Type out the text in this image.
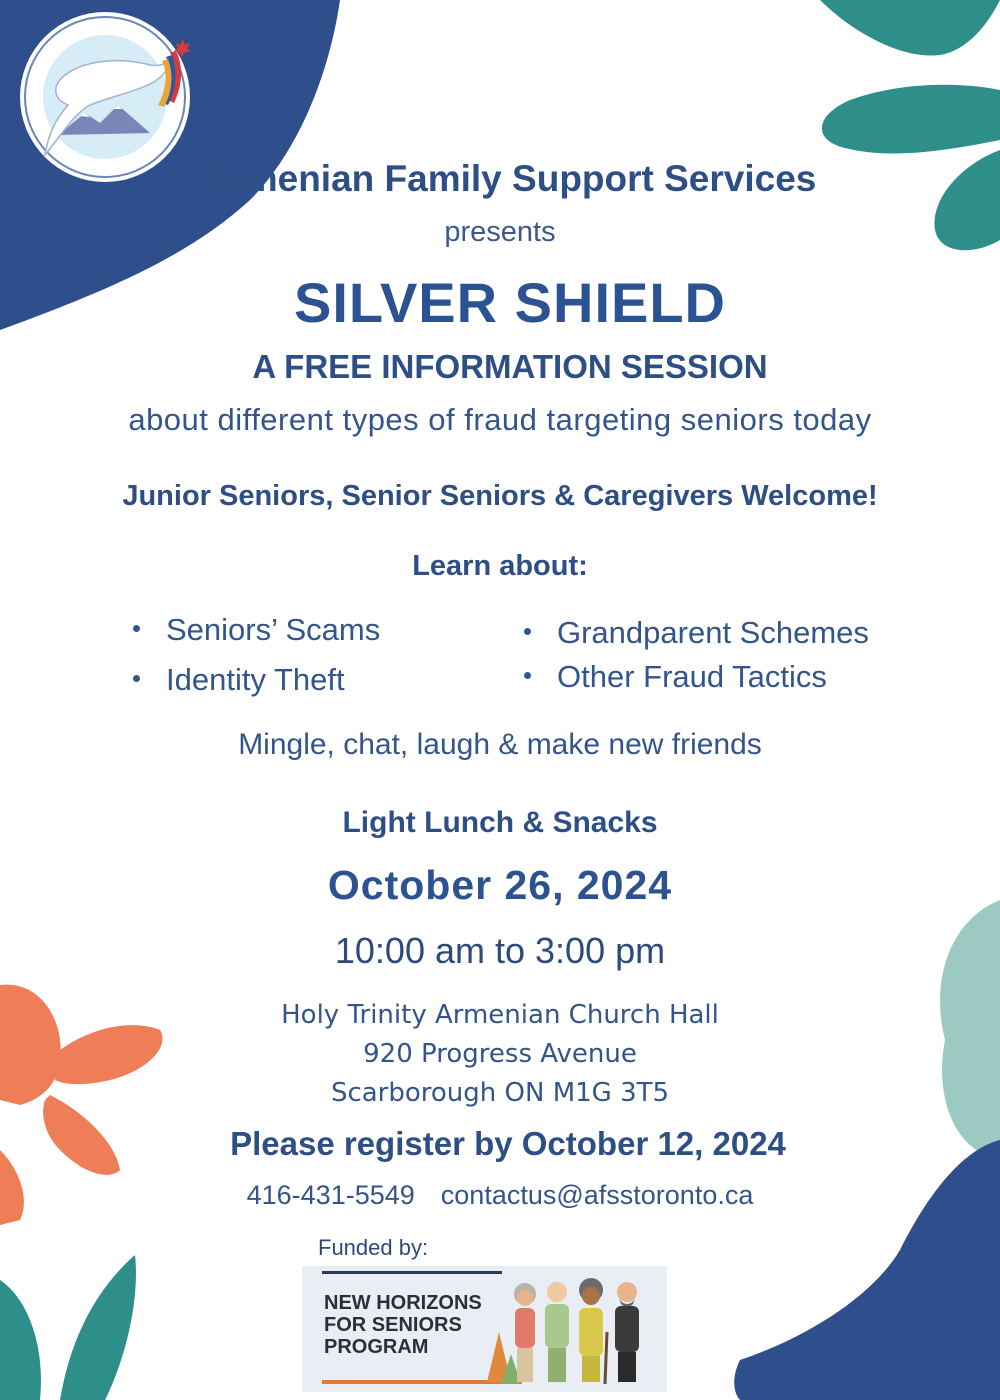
Armenian Family Support Services
presents
SILVER SHIELD
A FREE INFORMATION SESSION
about different types of fraud targeting seniors today
Junior Seniors, Senior Seniors & Caregivers Welcome!
Learn about:
Seniors’ Scams
Identity Theft
Grandparent Schemes
Other Fraud Tactics
Mingle, chat, laugh & make new friends
Light Lunch & Snacks
October 26, 2024
10:00 am to 3:00 pm
Holy Trinity Armenian Church Hall
920 Progress Avenue
Scarborough ON M1G 3T5
Please register by October 12, 2024
416-431-5549 contactus@afsstoronto.ca
Funded by:
NEW HORIZONS
FOR SENIORS
PROGRAM
